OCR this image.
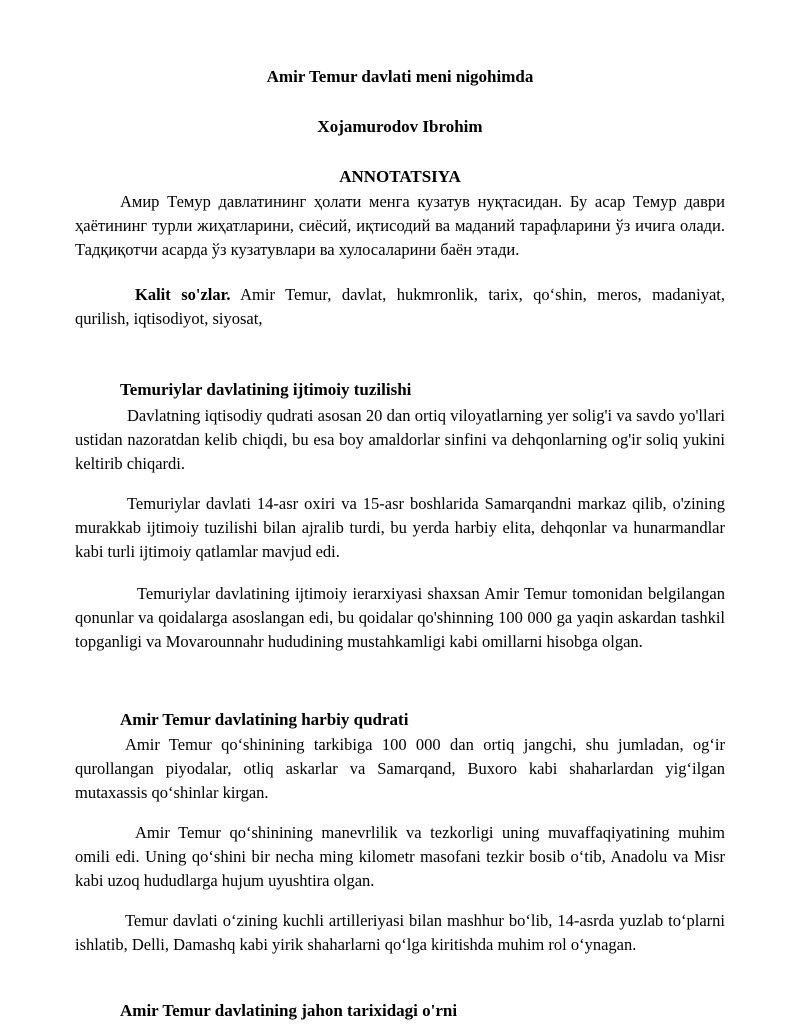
Amir Temur davlati meni nigohimda

Xojamurodov Ibrohim

ANNOTATSIYA

Амир Темур давлатининг ҳолати менга кузатув нуқтасидан. Бу асар Темур даври ҳаётининг турли жиҳатларини, сиёсий, иқтисодий ва маданий тарафларини ўз ичига олади. Тадқиқотчи асарда ўз кузатувлари ва хулосаларини баён этади.

Kalit so'zlar. Amir Temur, davlat, hukmronlik, tarix, qo‘shin, meros, madaniyat, qurilish, iqtisodiyot, siyosat,

Temuriylar davlatining ijtimoiy tuzilishi

Davlatning iqtisodiy qudrati asosan 20 dan ortiq viloyatlarning yer solig'i va savdo yo'llari ustidan nazoratdan kelib chiqdi, bu esa boy amaldorlar sinfini va dehqonlarning og'ir soliq yukini keltirib chiqardi.

Temuriylar davlati 14-asr oxiri va 15-asr boshlarida Samarqandni markaz qilib, o'zining murakkab ijtimoiy tuzilishi bilan ajralib turdi, bu yerda harbiy elita, dehqonlar va hunarmandlar kabi turli ijtimoiy qatlamlar mavjud edi.

Temuriylar davlatining ijtimoiy ierarxiyasi shaxsan Amir Temur tomonidan belgilangan qonunlar va qoidalarga asoslangan edi, bu qoidalar qo'shinning 100 000 ga yaqin askardan tashkil topganligi va Movarounnahr hududining mustahkamligi kabi omillarni hisobga olgan.

Amir Temur davlatining harbiy qudrati

Amir Temur qo‘shinining tarkibiga 100 000 dan ortiq jangchi, shu jumladan, og‘ir qurollangan piyodalar, otliq askarlar va Samarqand, Buxoro kabi shaharlardan yig‘ilgan mutaxassis qo‘shinlar kirgan.

Amir Temur qo‘shinining manevrlilik va tezkorligi uning muvaffaqiyatining muhim omili edi. Uning qo‘shini bir necha ming kilometr masofani tezkir bosib o‘tib, Anadolu va Misr kabi uzoq hududlarga hujum uyushtira olgan.

Temur davlati o‘zining kuchli artilleriyasi bilan mashhur bo‘lib, 14-asrda yuzlab to‘plarni ishlatib, Delli, Damashq kabi yirik shaharlarni qo‘lga kiritishda muhim rol o‘ynagan.

Amir Temur davlatining jahon tarixidagi o'rni
